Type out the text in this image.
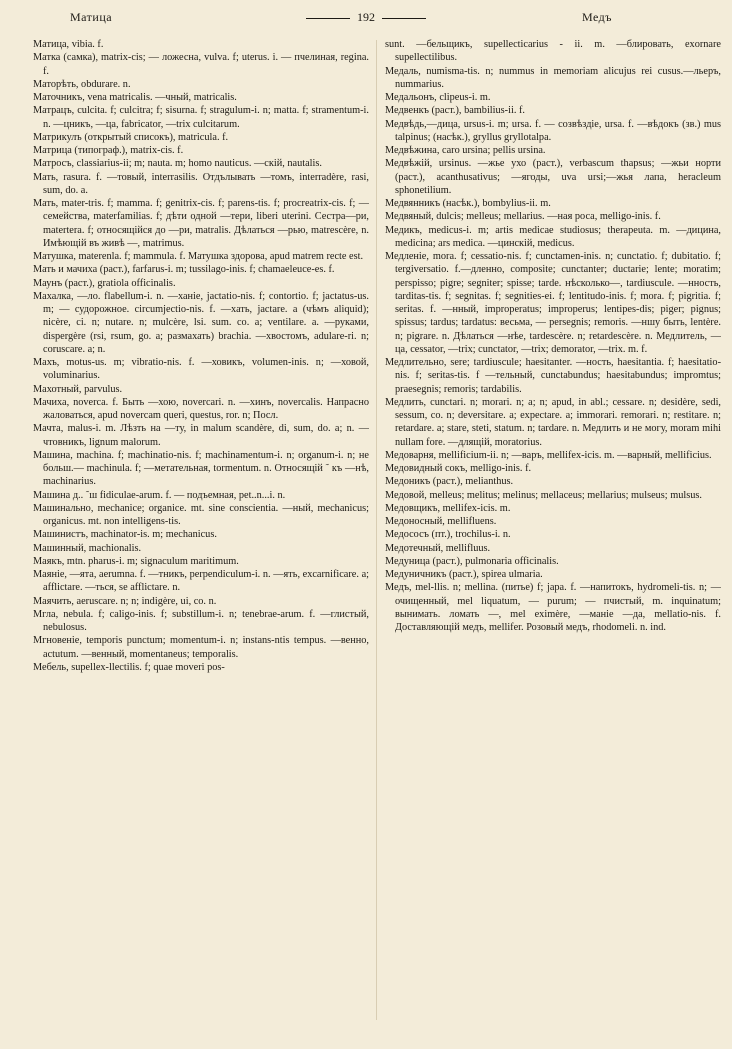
Матица	192	Медъ

Матица, vibia. f.

Матка (самка), matrix-cis; — ложесна, vulva. f; uterus. i. — пчелиная, regina. f.

Маторѣть, obdurare. n.

Маточникъ, vena matricalis. —чный, matricalis.

Матрацъ, culcita. f; culcitra; f; sisurna. f; stragulum-i. n; matta. f; stramentum-i. n. —цникъ, —ца, fabricator, —trix culcitarum.

Матрикулъ (открытый списокъ), matricula. f.

Матрица (типограф.), matrix-cis. f.

Матросъ, classiarius-ii; m; nauta. m; homo nauticus. —скій, nautalis.

Мать, rasura. f. —товый, interrasilis. Отдълывать —томъ, interradère, rasi, sum, do. a.

Мать, mater-tris. f; mamma. f; genitrix-cis. f; parens-tis. f; procreatrix-cis. f; — семейства, materfamilias. f; дѣти одной —тери, liberi uterini. Сестра—ри, matertera. f; относящійся до —ри, matralis. Дѣлаться —рью, matrescère, n. Имѣющій въ живѣ —, matrimus.

Матушка, materenla. f; mammula. f. Матушка здорова, apud matrem recte est.

Мать и мачиха (раст.), farfarus-i. m; tussilago-inis. f; chamaeleuce-es. f.

Маунъ (раст.), gratiola officinalis.

Махалка, —ло. flabellum-i. n. —ханіе, jactatio-nis. f; contortio. f; jactatus-us. m; — судорожное. circumjectio-nis. f. —хать, jactare. a (чѣмъ aliquid); nicère, ci. n; nutare. n; mulcère, lsi. sum. co. a; ventilare. a. —руками, dispergère (rsi, rsum, go. a; размахать) brachia. —хвостомъ, adulare-ri. n; coruscare. a; n.

Махъ, motus-us. m; vibratio-nis. f. —ховикъ, volumen-inis. n; —ховой, voluminarius.

Махотный, parvulus.

Мачиха, noverca. f. Быть —хою, novercari. n. —хинъ, novercalis. Напрасно жаловаться, apud novercam queri, questus, ror. n; Посл.

Мачта, malus-i. m. Лѣзть на —ту, in malum scandère, di, sum, do. a; n. —чтовникъ, lignum malorum.

Машина, machina. f; machinatio-nis. f; machinamentum-i. n; organum-i. n; не больш.— machinula. f; —метательная, tormentum. n. Относящій ˜ къ —нѣ, machinarius.

Машина д.. ˜ш fidiculae-arum. f. — подъемная, pet..n...i. n.

Машинально, mechanice; organice. mt. sine conscientia. —ный, mechanicus; organicus. mt. non intelligens-tis.

Машинистъ, machinator-is. m; mechanicus.

Машинный, machionalis.

Маякъ, mtn. pharus-i. m; signaculum maritimum.

Маяніе, —ята, aerumna. f. —тникъ, perpendiculum-i. n. —ять, excarnificare. a; afflictare. —ться, se afflictare. n.

Маячить, aerusсare. n; n; indigère, ui, co. n.

Мгла, nebula. f; caligo-inis. f; substillum-i. n; tenebrae-arum. f. —глистый, nebulosus.

Мгновеніе, temporis punctum; momentum-i. n; instans-ntis tempus. —венно, actutum. —венный, momentaneus; temporalis.

Мебель, supellex-llectilis. f; quae moveri pos-

sunt. —бельщикъ, supellecticarius - ii. m. —блировать, exornare supellectilibus.

Медаль, numisma-tis. n; nummus in memoriam alicujus rei cusus.—льеръ, nummarius.

Медальонъ, clipeus-i. m.

Медвенкъ (раст.), bambilius-ii. f.

Медвѣдь,—дица, ursus-i. m; ursa. f. — созвѣздіе, ursa. f. —вѣдокъ (зв.) mus talpinus; (насѣк.), gryllus gryllotalpa.

Медвѣжина, caro ursina; pellis ursina.

Медвѣжій, ursinus. —жье ухо (раст.), verbascum thapsus; —жьи норти (раст.), acanthusativus; —ягоды, uva ursi;—жья лапа, heracleum sphonetilium.

Медвянникъ (насѣк.), bombylius-ii. m.

Медвяный, dulcis; melleus; mellarius. —ная роса, melligo-inis. f.

Медикъ, medicus-i. m; artis medicae studiosus; therapeuta. m. —дицина, medicina; ars medica. —цинскій, medicus.

Медленіе, mora. f; cessatio-nis. f; cunctamen-inis. n; cunctatio. f; dubitatio. f; tergiversatio. f.—дленно, composite; cunctanter; ductarie; lente; moratim; perspisso; pigre; segniter; spisse; tarde. нѣсколько—, tardiuscule. —нность, tarditas-tis. f; segnitas. f; segnities-ei. f; lentitudo-inis. f; mora. f; pigritia. f; seritas. f. —нный, improperatus; impropеrus; lentipes-dis; piger; pignus; spissus; tardus; tardatus: весьма, — persegnis; remoris. —ншу быть, lentère. n; pigrare. n. Дѣлаться —нѣе, tardescère. n; retardescère. n. Медлитель, —ца, cessator, —trix; cunctator, —trix; demorator, —trix. m. f.

Медлительно, sere; tardiuscule; haesitanter. —ность, haesitantia. f; haesitatio-nis. f; seritas-tis. f —тельный, cunctabundus; haesitabundus; impromtus; praesegnis; remoris; tardabilis.

Медлить, cunctari. n; morari. n; a; n; apud, in abl.; cessare. n; desidère, sedi, sessum, co. n; deversitare. a; expectare. a; immorari. remorari. n; restitare. n; retardare. a; stare, steti, statum. n; tardare. n. Медлить и не могу, moram mihi nullam fore. —длящій, moratorius.

Медоварня, mellificium-ii. n; —варъ, mellifex-icis. m. —варный, mellificius.

Медовидный сокъ, melligo-inis. f.

Медоникъ (раст.), melianthus.

Медовой, melleus; melitus; melinus; mellaceus; mellarius; mulseus; mulsus.

Медовщикъ, mellifex-icis. m.

Медоносный, mellifluens.

Медососъ (пт.), trochilus-i. n.

Медотечный, mellifluus.

Медуница (раст.), pulmonaria officinalis.

Медуничникъ (раст.), spirea ulmaria.

Медъ, mel-llis. n; mellina. (питье) f; japa. f. —напитокъ, hydromeli-tis. n; —очищенный, mel liquatum, — purum; — пчистый, m. inquinatum; вынимать. ломать —, mel eximère, —маніе —да, mellatio-nis. f. Доставляющій медъ, mellifer. Розовый медъ, rhodomeli. n. ind.
